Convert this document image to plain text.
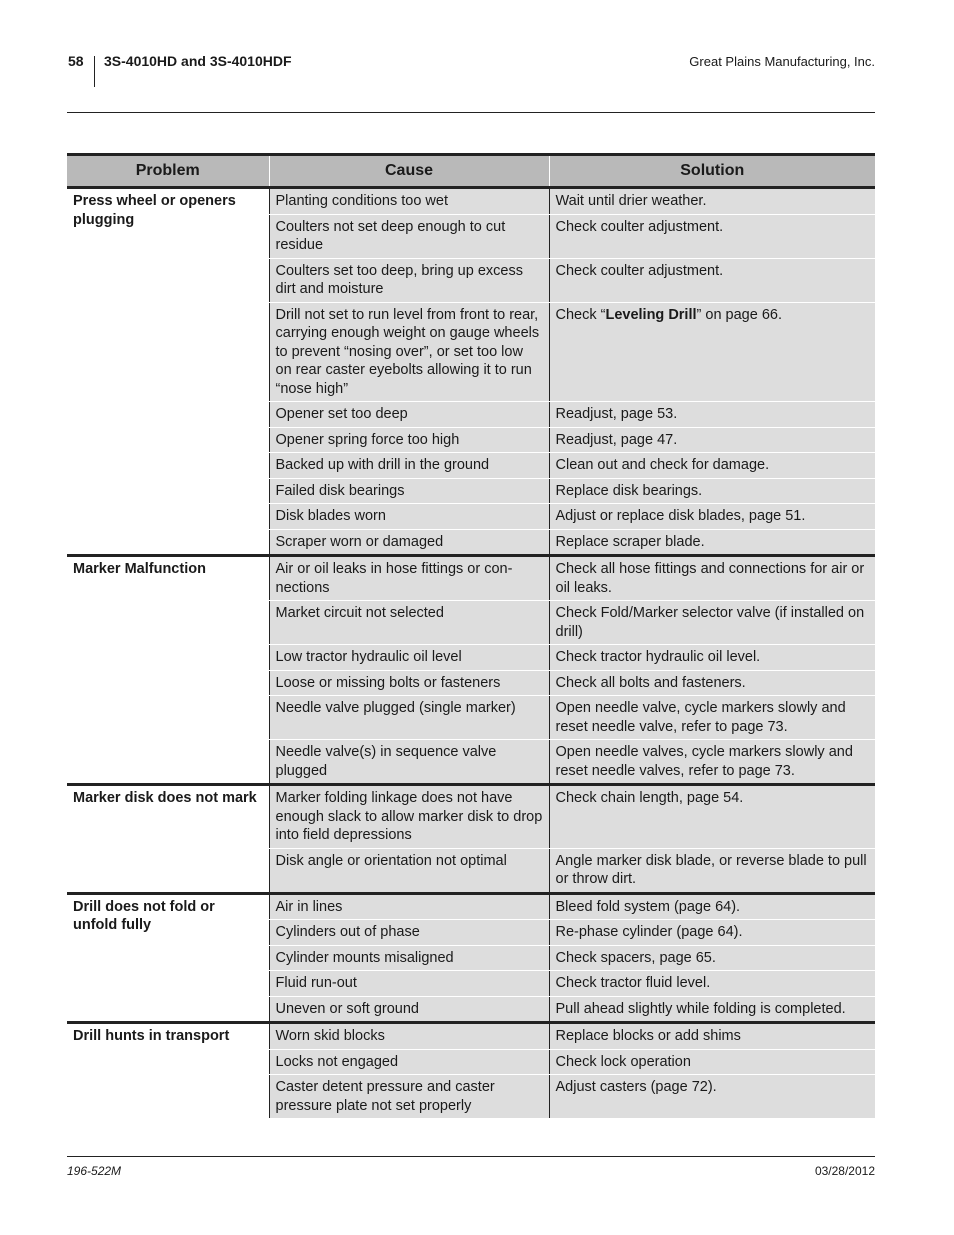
58 3S-4010HD and 3S-4010HDF	Great Plains Manufacturing, Inc.
Problem	Cause	Solution
Press wheel or openers plugging	Planting conditions too wet	Wait until drier weather.
	Coulters not set deep enough to cut residue	Check coulter adjustment.
	Coulters set too deep, bring up excess dirt and moisture	Check coulter adjustment.
	Drill not set to run level from front to rear, carrying enough weight on gauge wheels to prevent “nosing over”, or set too low on rear caster eyebolts allowing it to run “nose high”	Check “Leveling Drill” on page 66.
	Opener set too deep	Readjust, page 53.
	Opener spring force too high	Readjust, page 47.
	Backed up with drill in the ground	Clean out and check for damage.
	Failed disk bearings	Replace disk bearings.
	Disk blades worn	Adjust or replace disk blades, page 51.
	Scraper worn or damaged	Replace scraper blade.
Marker Malfunction	Air or oil leaks in hose fittings or con-nections	Check all hose fittings and connections for air or oil leaks.
	Market circuit not selected	Check Fold/Marker selector valve (if installed on drill)
	Low tractor hydraulic oil level	Check tractor hydraulic oil level.
	Loose or missing bolts or fasteners	Check all bolts and fasteners.
	Needle valve plugged (single marker)	Open needle valve, cycle markers slowly and reset needle valve, refer to page 73.
	Needle valve(s) in sequence valve plugged	Open needle valves, cycle markers slowly and reset needle valves, refer to page 73.
Marker disk does not mark	Marker folding linkage does not have enough slack to allow marker disk to drop into field depressions	Check chain length, page 54.
	Disk angle or orientation not optimal	Angle marker disk blade, or reverse blade to pull or throw dirt.
Drill does not fold or unfold fully	Air in lines	Bleed fold system (page 64).
	Cylinders out of phase	Re-phase cylinder (page 64).
	Cylinder mounts misaligned	Check spacers, page 65.
	Fluid run-out	Check tractor fluid level.
	Uneven or soft ground	Pull ahead slightly while folding is completed.
Drill hunts in transport	Worn skid blocks	Replace blocks or add shims
	Locks not engaged	Check lock operation
	Caster detent pressure and caster pressure plate not set properly	Adjust casters (page 72).
196-522M	03/28/2012
